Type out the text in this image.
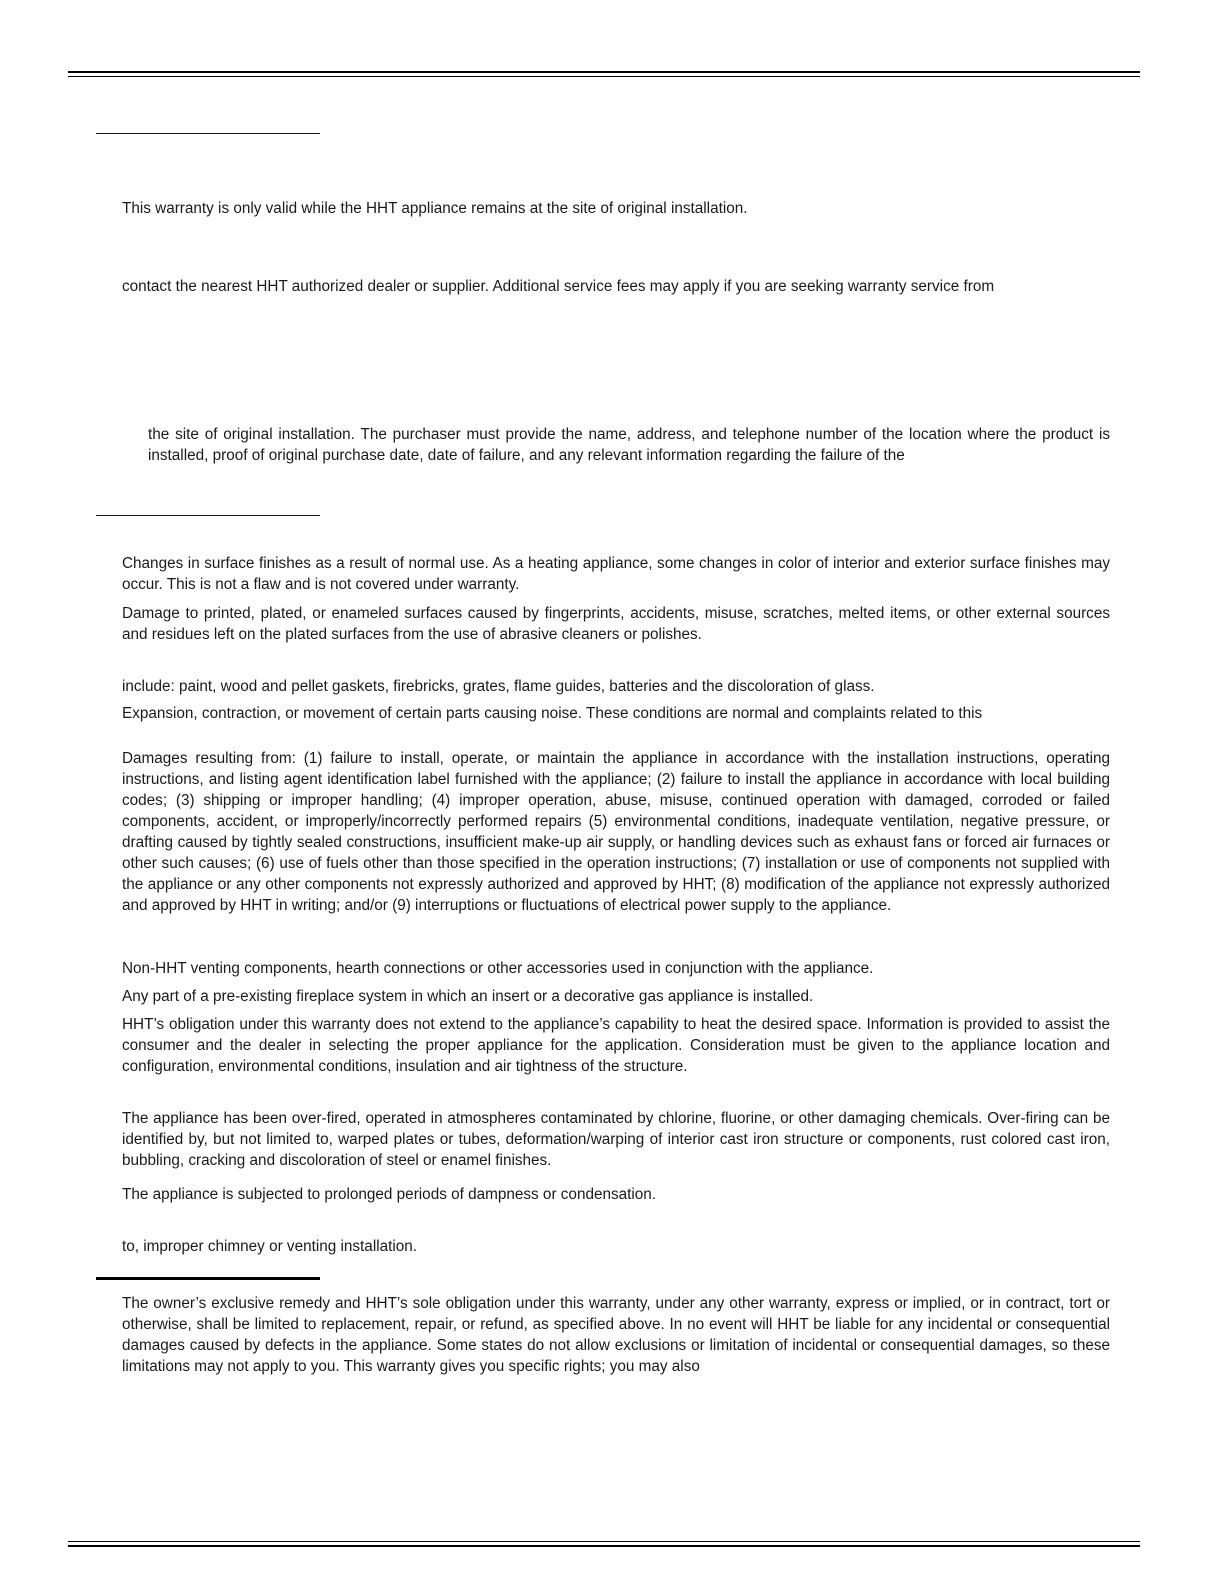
This warranty is only valid while the HHT appliance remains at the site of original installation.

contact the nearest HHT authorized dealer or supplier. Additional service fees may apply if you are seeking warranty service from

the site of original installation. The purchaser must provide the name, address, and telephone number of the location where the product is installed, proof of original purchase date, date of failure, and any relevant information regarding the failure of the

Changes in surface finishes as a result of normal use. As a heating appliance, some changes in color of interior and exterior surface finishes may occur. This is not a flaw and is not covered under warranty.

Damage to printed, plated, or enameled surfaces caused by fingerprints, accidents, misuse, scratches, melted items, or other external sources and residues left on the plated surfaces from the use of abrasive cleaners or polishes.

include: paint, wood and pellet gaskets, firebricks, grates, flame guides, batteries and the discoloration of glass.

Expansion, contraction, or movement of certain parts causing noise. These conditions are normal and complaints related to this

Damages resulting from: (1) failure to install, operate, or maintain the appliance in accordance with the installation instructions, operating instructions, and listing agent identification label furnished with the appliance; (2) failure to install the appliance in accordance with local building codes; (3) shipping or improper handling; (4) improper operation, abuse, misuse, continued operation with damaged, corroded or failed components, accident, or improperly/incorrectly performed repairs (5) environmental conditions, inadequate ventilation, negative pressure, or drafting caused by tightly sealed constructions, insufficient make-up air supply, or handling devices such as exhaust fans or forced air furnaces or other such causes; (6) use of fuels other than those specified in the operation instructions; (7) installation or use of components not supplied with the appliance or any other components not expressly authorized and approved by HHT; (8) modification of the appliance not expressly authorized and approved by HHT in writing; and/or (9) interruptions or fluctuations of electrical power supply to the appliance.

Non-HHT venting components, hearth connections or other accessories used in conjunction with the appliance.

Any part of a pre-existing fireplace system in which an insert or a decorative gas appliance is installed.

HHT’s obligation under this warranty does not extend to the appliance’s capability to heat the desired space. Information is provided to assist the consumer and the dealer in selecting the proper appliance for the application. Consideration must be given to the appliance location and configuration, environmental conditions, insulation and air tightness of the structure.

The appliance has been over-fired, operated in atmospheres contaminated by chlorine, fluorine, or other damaging chemicals. Over-firing can be identified by, but not limited to, warped plates or tubes, deformation/warping of interior cast iron structure or components, rust colored cast iron, bubbling, cracking and discoloration of steel or enamel finishes.

The appliance is subjected to prolonged periods of dampness or condensation.

to, improper chimney or venting installation.

The owner’s exclusive remedy and HHT’s sole obligation under this warranty, under any other warranty, express or implied, or in contract, tort or otherwise, shall be limited to replacement, repair, or refund, as specified above. In no event will HHT be liable for any incidental or consequential damages caused by defects in the appliance. Some states do not allow exclusions or limitation of incidental or consequential damages, so these limitations may not apply to you. This warranty gives you specific rights; you may also
